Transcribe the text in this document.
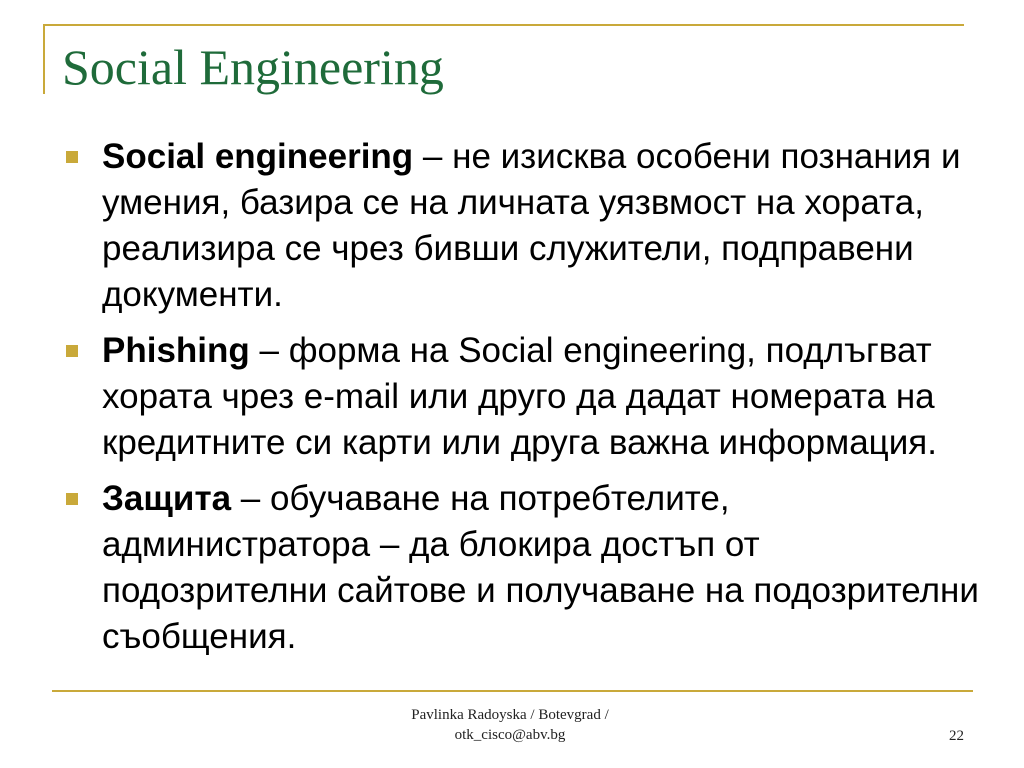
Social Engineering
Social engineering – не изисква особени познания и умения, базира се на личната уязвмост на хората, реализира се чрез бивши служители, подправени документи.
Phishing – форма на Social engineering, подлъгват хората чрез e-mail или друго да дадат номерата на кредитните си карти или друга важна информация.
Защита – обучаване на потребтелите, администратора – да блокира достъп от подозрителни сайтове и получаване на подозрителни съобщения.
Pavlinka Radoyska / Botevgrad /
otk_cisco@abv.bg	22
